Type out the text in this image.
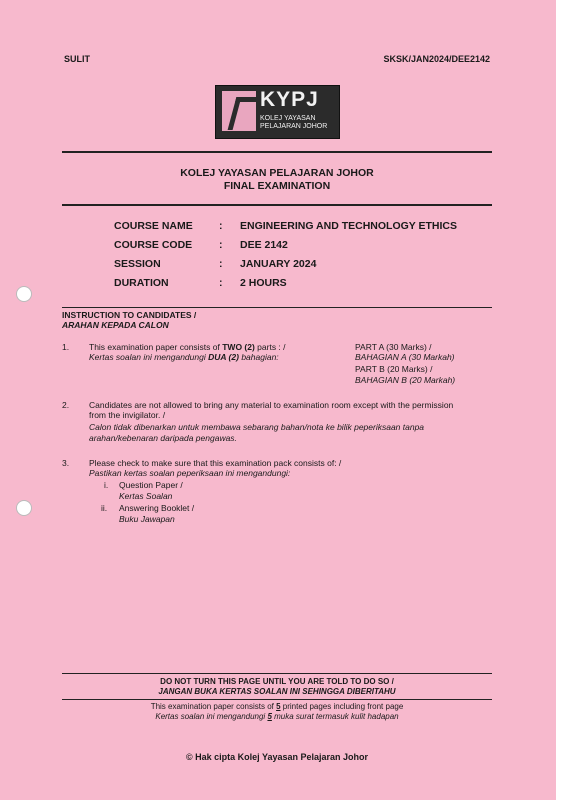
SULIT	SKSK/JAN2024/DEE2142
KYPJ
KOLEJ YAYASAN
PELAJARAN JOHOR
KOLEJ YAYASAN PELAJARAN JOHOR
FINAL EXAMINATION
COURSE NAME	: ENGINEERING AND TECHNOLOGY ETHICS
COURSE CODE	: DEE 2142
SESSION	: JANUARY 2024
DURATION	: 2 HOURS
INSTRUCTION TO CANDIDATES /
ARAHAN KEPADA CALON
1. This examination paper consists of TWO (2) parts : /
Kertas soalan ini mengandungi DUA (2) bahagian:
PART A (30 Marks) /
BAHAGIAN A (30 Markah)
PART B (20 Marks) /
BAHAGIAN B (20 Markah)
2. Candidates are not allowed to bring any material to examination room except with the permission
from the invigilator. /
Calon tidak dibenarkan untuk membawa sebarang bahan/nota ke bilik peperiksaan tanpa
arahan/kebenaran daripada pengawas.
3. Please check to make sure that this examination pack consists of: /
Pastikan kertas soalan peperiksaan ini mengandungi:
i. Question Paper /
Kertas Soalan
ii. Answering Booklet /
Buku Jawapan
DO NOT TURN THIS PAGE UNTIL YOU ARE TOLD TO DO SO /
JANGAN BUKA KERTAS SOALAN INI SEHINGGA DIBERITAHU
This examination paper consists of 5 printed pages including front page
Kertas soalan ini mengandungi 5 muka surat termasuk kulit hadapan
© Hak cipta Kolej Yayasan Pelajaran Johor
